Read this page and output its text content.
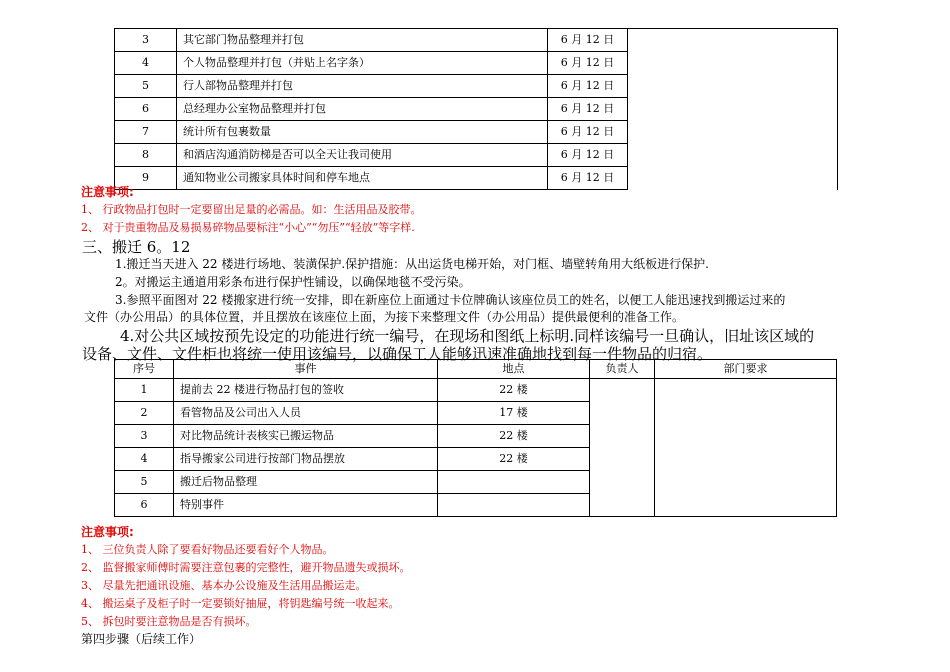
3	其它部门物品整理并打包	6 月 12 日	
4	个人物品整理并打包（并贴上名字条）	6 月 12 日	
5	行人部物品整理并打包	6 月 12 日	
6	总经理办公室物品整理并打包	6 月 12 日	
7	统计所有包裹数量	6 月 12 日	
8	和酒店沟通消防梯是否可以全天让我司使用	6 月 12 日	
9	通知物业公司搬家具体时间和停车地点	6 月 12 日	
注意事项:
1、 行政物品打包时一定要留出足量的必需品。如：生活用品及胶带。
2、 对于贵重物品及易损易碎物品要标注“小心”“勿压”“轻放”等字样.
三、搬迁 6。12
1.搬迁当天进入 22 楼进行场地、装潢保护.保护措施：从出运货电梯开始，对门框、墙壁转角用大纸板进行保护.
2。对搬运主通道用彩条布进行保护性铺设，以确保地毯不受污染。
3.参照平面图对 22 楼搬家进行统一安排，即在新座位上面通过卡位牌确认该座位员工的姓名，以便工人能迅速找到搬运过来的
文件（办公用品）的具体位置，并且摆放在该座位上面，为接下来整理文件（办公用品）提供最便利的准备工作。
4.对公共区域按预先设定的功能进行统一编号，在现场和图纸上标明.同样该编号一旦确认，旧址该区域的
设备、文件、文件柜也将统一使用该编号，以确保工人能够迅速准确地找到每一件物品的归宿。
序号	事件	地点	负责人	部门要求
1	提前去 22 楼进行物品打包的签收	22 楼		
2	看管物品及公司出入人员	17 楼		
3	对比物品统计表核实已搬运物品	22 楼		
4	指导搬家公司进行按部门物品摆放	22 楼		
5	搬迁后物品整理			
6	特别事件			
注意事项:
1、 三位负责人除了要看好物品还要看好个人物品。
2、 监督搬家师傅时需要注意包裹的完整性，避开物品遗失或损坏。
3、 尽量先把通讯设施、基本办公设施及生活用品搬运走。
4、 搬运桌子及柜子时一定要锁好抽屉，将钥匙编号统一收起来。
5、 拆包时要注意物品是否有损坏。
第四步骤（后续工作）
